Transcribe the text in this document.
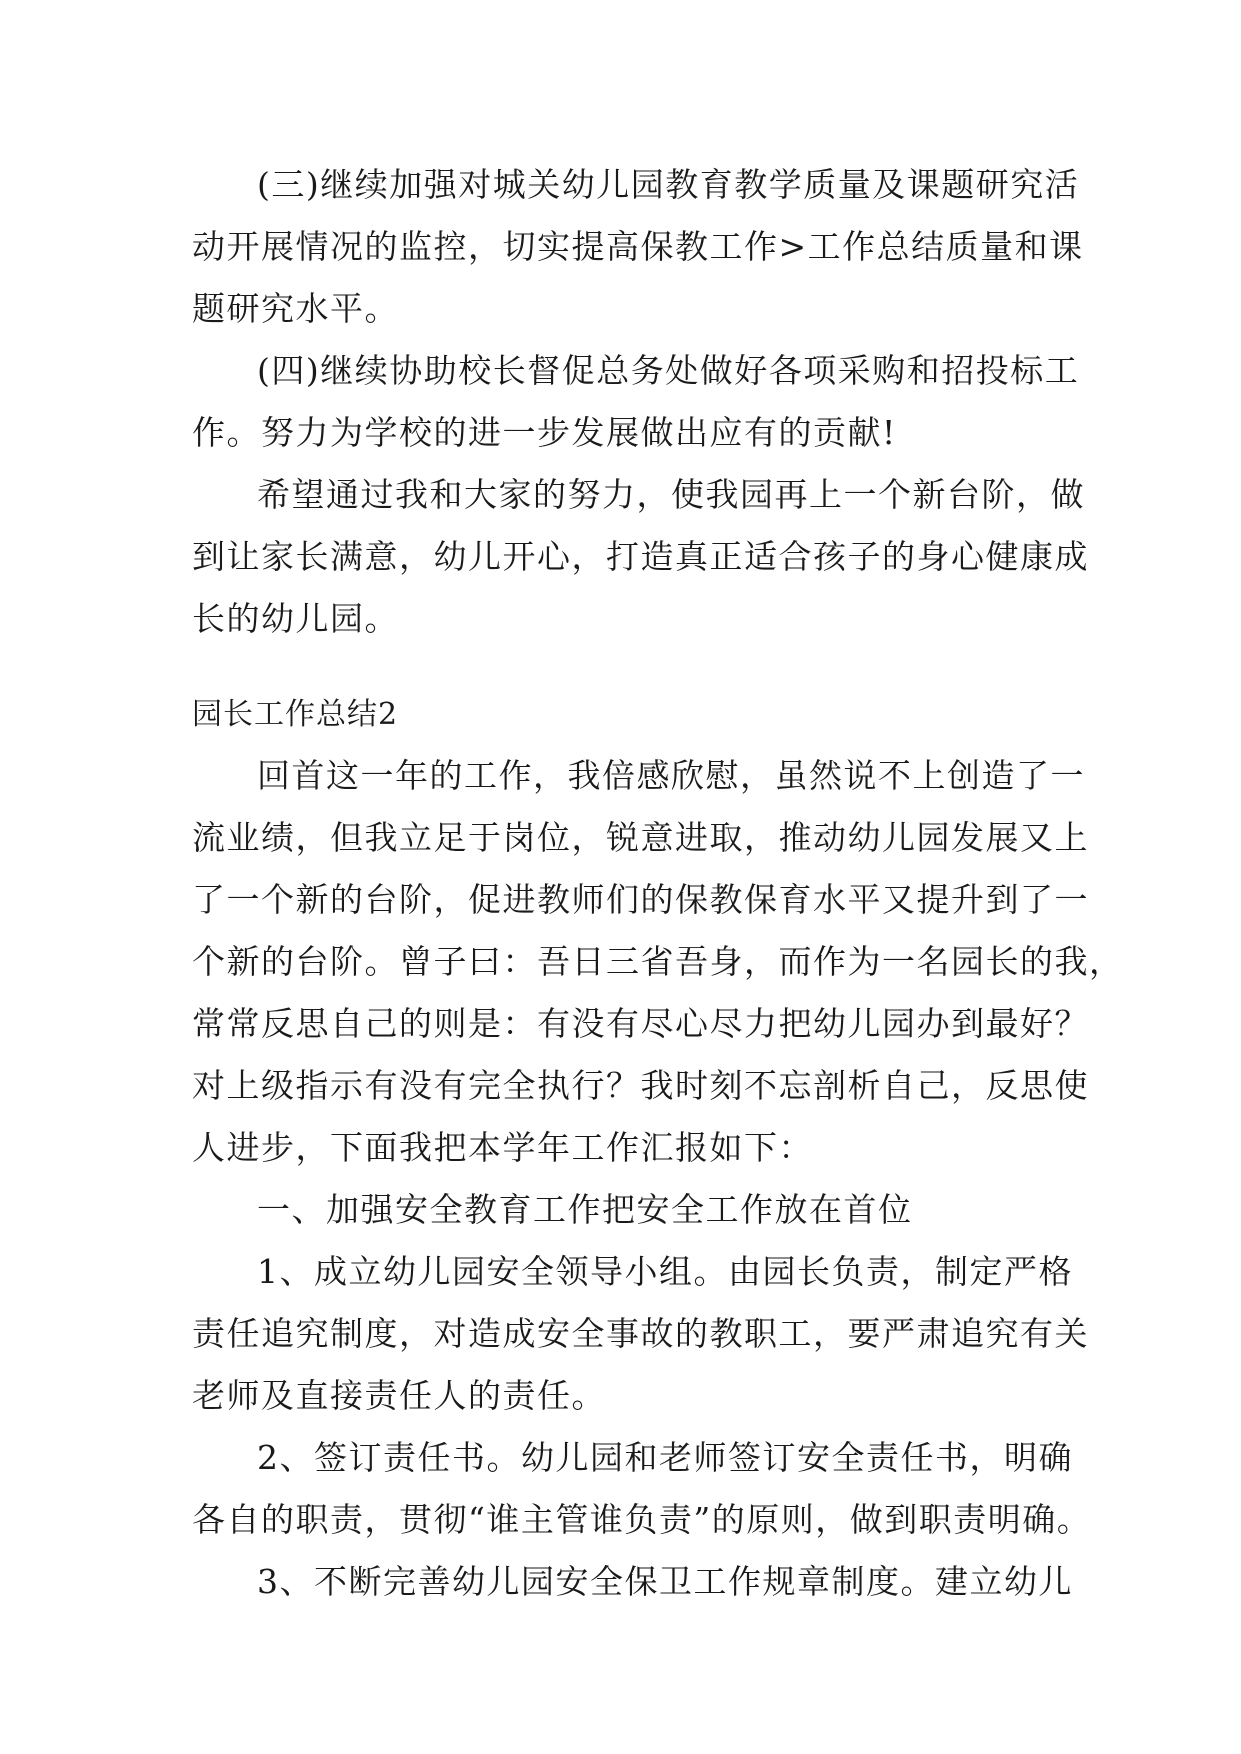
(三)继续加强对城关幼儿园教育教学质量及课题研究活
动开展情况的监控，切实提高保教工作>工作总结质量和课
题研究水平。
(四)继续协助校长督促总务处做好各项采购和招投标工
作。努力为学校的进一步发展做出应有的贡献!
希望通过我和大家的努力，使我园再上一个新台阶，做
到让家长满意，幼儿开心，打造真正适合孩子的身心健康成
长的幼儿园。
园长工作总结2
回首这一年的工作，我倍感欣慰，虽然说不上创造了一
流业绩，但我立足于岗位，锐意进取，推动幼儿园发展又上
了一个新的台阶，促进教师们的保教保育水平又提升到了一
个新的台阶。曾子曰：吾日三省吾身，而作为一名园长的我，
常常反思自己的则是：有没有尽心尽力把幼儿园办到最好？
对上级指示有没有完全执行？我时刻不忘剖析自己，反思使
人进步，下面我把本学年工作汇报如下：
一、加强安全教育工作把安全工作放在首位
1、成立幼儿园安全领导小组。由园长负责，制定严格
责任追究制度，对造成安全事故的教职工，要严肃追究有关
老师及直接责任人的责任。
2、签订责任书。幼儿园和老师签订安全责任书，明确
各自的职责，贯彻“谁主管谁负责”的原则，做到职责明确。
3、不断完善幼儿园安全保卫工作规章制度。建立幼儿
